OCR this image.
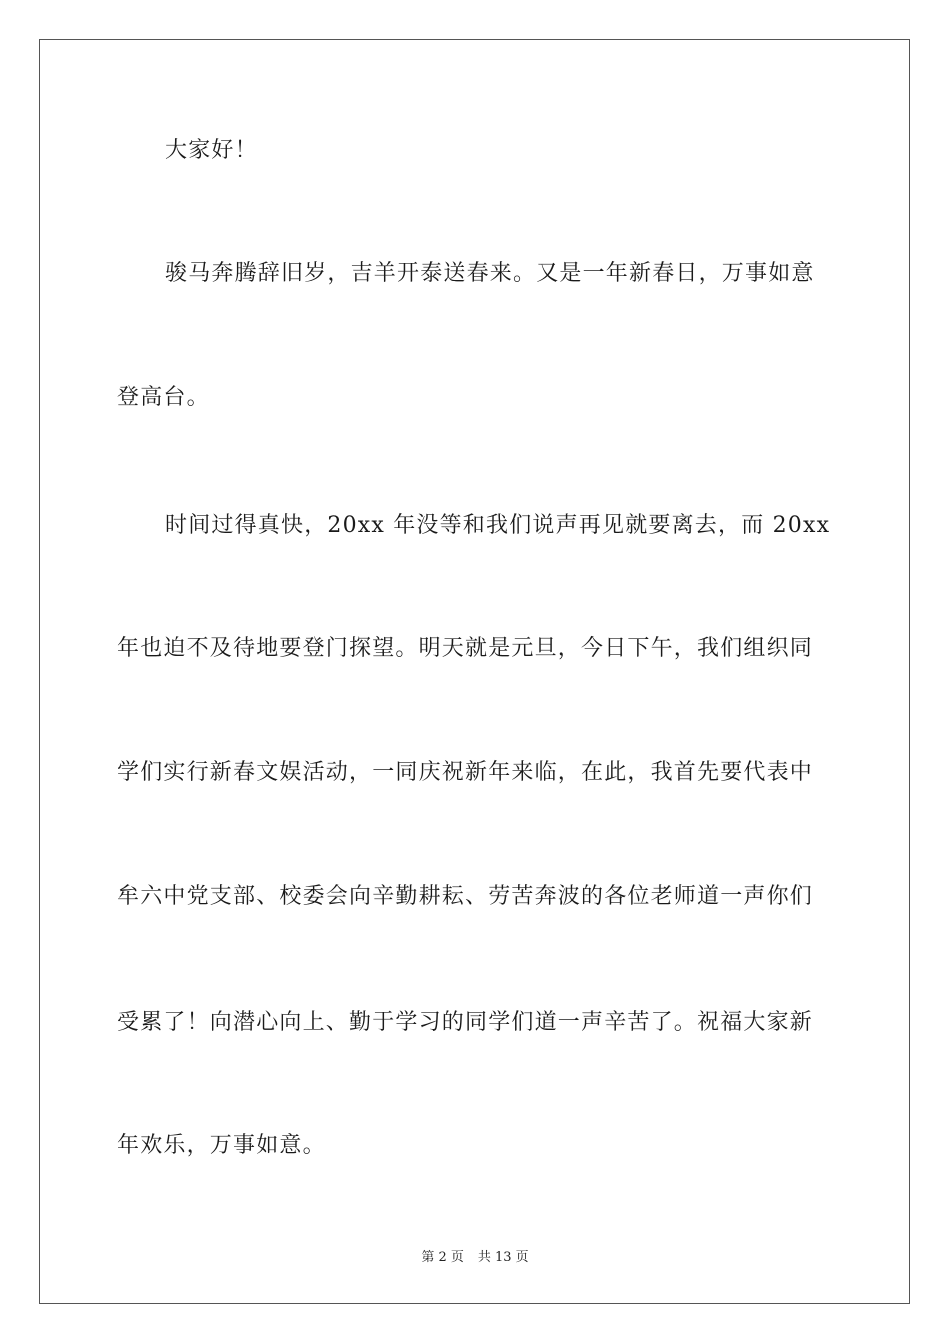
大家好！
骏马奔腾辞旧岁，吉羊开泰送春来。又是一年新春日，万事如意
登高台。
时间过得真快，20xx 年没等和我们说声再见就要离去，而 20xx
年也迫不及待地要登门探望。明天就是元旦，今日下午，我们组织同
学们实行新春文娱活动，一同庆祝新年来临，在此，我首先要代表中
牟六中党支部、校委会向辛勤耕耘、劳苦奔波的各位老师道一声你们
受累了！向潜心向上、勤于学习的同学们道一声辛苦了。祝福大家新
年欢乐，万事如意。
第 2 页 共 13 页
